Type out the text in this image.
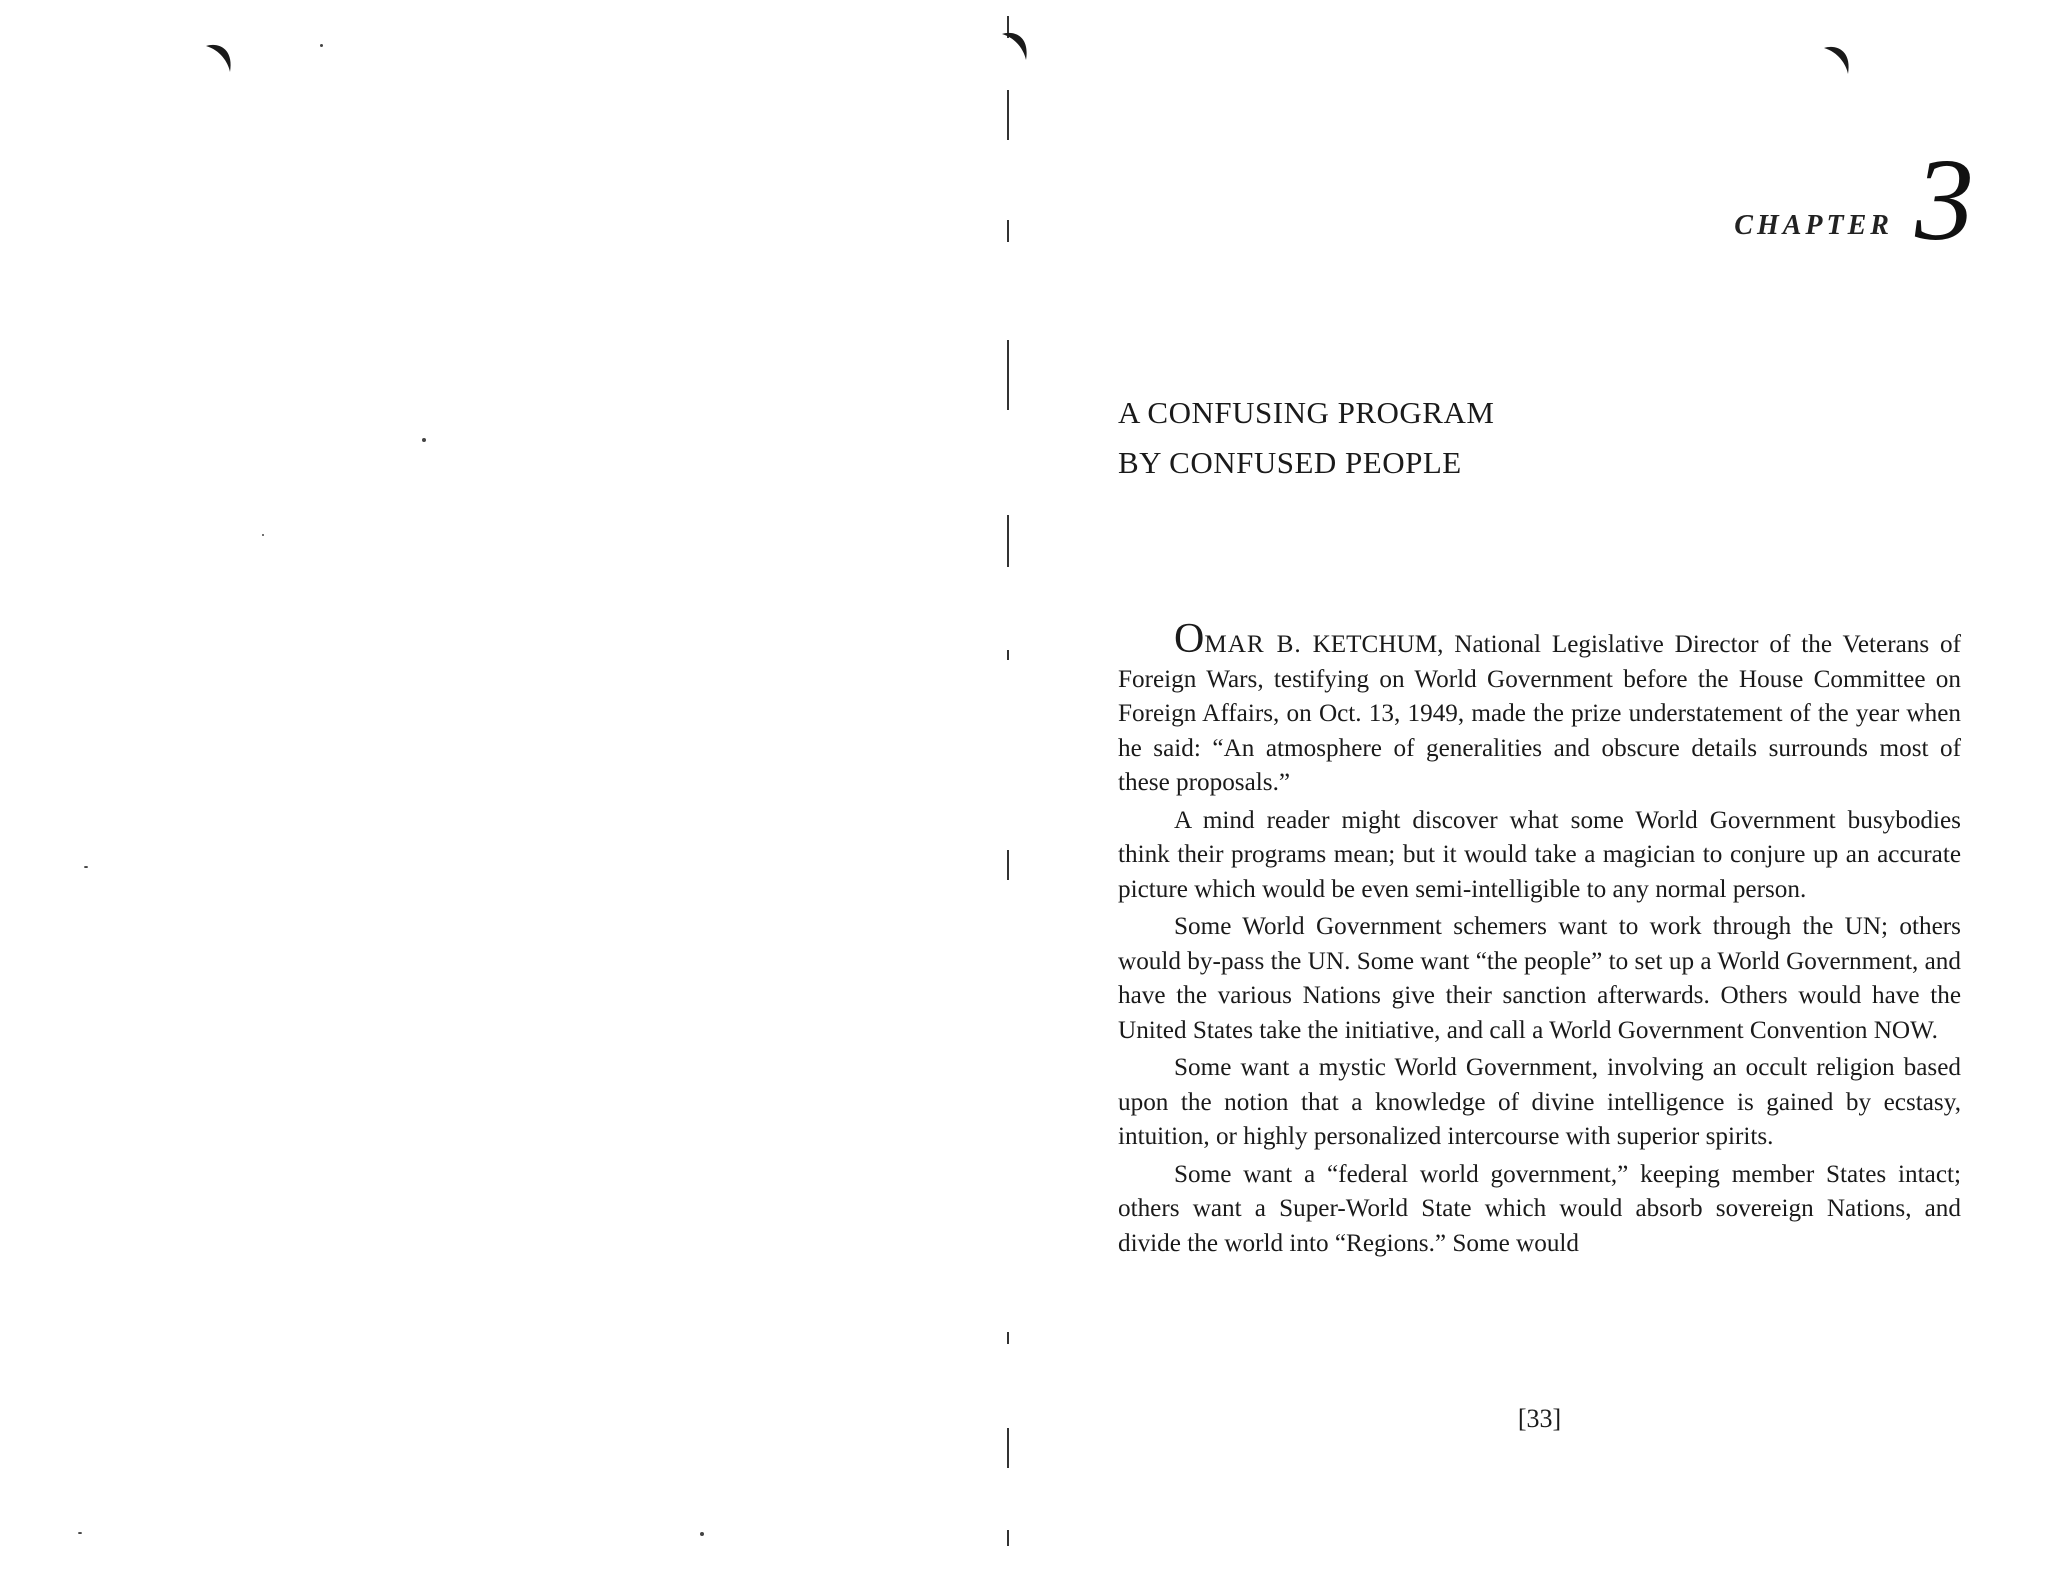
CHAPTER 3
A CONFUSING PROGRAM
BY CONFUSED PEOPLE

OMAR B. KETCHUM, National Legislative Director of the Veterans of Foreign Wars, testifying on World Government before the House Committee on Foreign Affairs, on Oct. 13, 1949, made the prize understatement of the year when he said: “An atmosphere of generalities and obscure details surrounds most of these proposals.”

A mind reader might discover what some World Government busybodies think their programs mean; but it would take a magician to conjure up an accurate picture which would be even semi-intelligible to any normal person.

Some World Government schemers want to work through the UN; others would by-pass the UN. Some want “the people” to set up a World Government, and have the various Nations give their sanction afterwards. Others would have the United States take the initiative, and call a World Government Convention NOW.

Some want a mystic World Government, involving an occult religion based upon the notion that a knowledge of divine intelligence is gained by ecstasy, intuition, or highly personalized intercourse with superior spirits.

Some want a “federal world government,” keeping member States intact; others want a Super-World State which would absorb sovereign Nations, and divide the world into “Regions.” Some would

[33]
